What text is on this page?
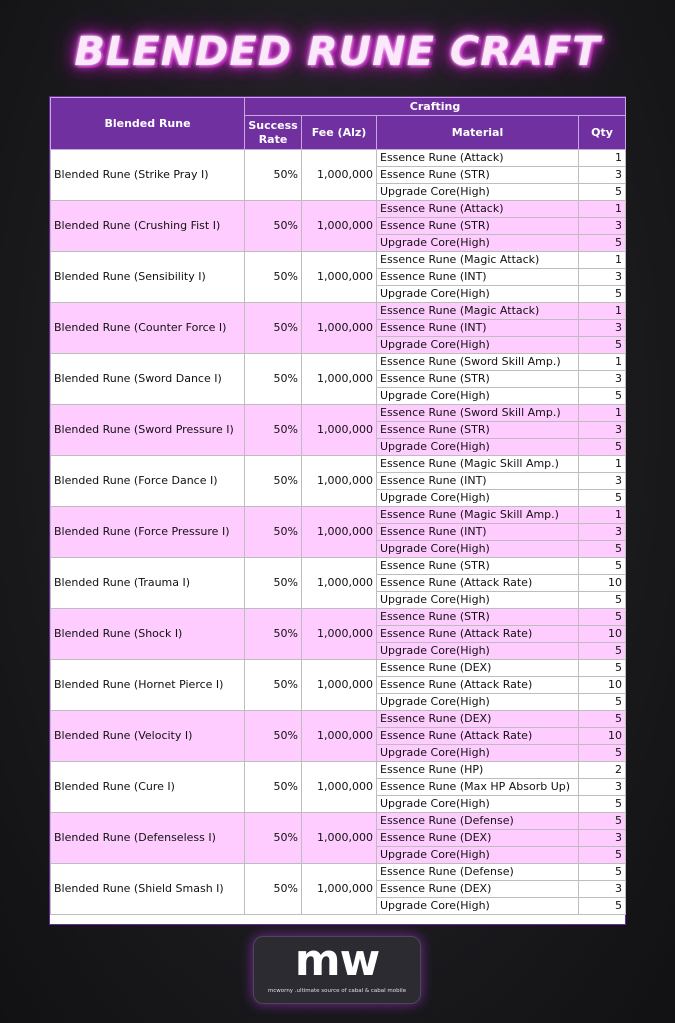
BLENDED RUNE CRAFT
Blended Rune	Crafting			
	Success Rate	Fee (Alz)	Material	Qty
Blended Rune (Strike Pray I)	50%	1,000,000	Essence Rune (Attack)	1
			Essence Rune (STR)	3
			Upgrade Core(High)	5
Blended Rune (Crushing Fist I)	50%	1,000,000	Essence Rune (Attack)	1
			Essence Rune (STR)	3
			Upgrade Core(High)	5
Blended Rune (Sensibility I)	50%	1,000,000	Essence Rune (Magic Attack)	1
			Essence Rune (INT)	3
			Upgrade Core(High)	5
Blended Rune (Counter Force I)	50%	1,000,000	Essence Rune (Magic Attack)	1
			Essence Rune (INT)	3
			Upgrade Core(High)	5
Blended Rune (Sword Dance I)	50%	1,000,000	Essence Rune (Sword Skill Amp.)	1
			Essence Rune (STR)	3
			Upgrade Core(High)	5
Blended Rune (Sword Pressure I)	50%	1,000,000	Essence Rune (Sword Skill Amp.)	1
			Essence Rune (STR)	3
			Upgrade Core(High)	5
Blended Rune (Force Dance I)	50%	1,000,000	Essence Rune (Magic Skill Amp.)	1
			Essence Rune (INT)	3
			Upgrade Core(High)	5
Blended Rune (Force Pressure I)	50%	1,000,000	Essence Rune (Magic Skill Amp.)	1
			Essence Rune (INT)	3
			Upgrade Core(High)	5
Blended Rune (Trauma I)	50%	1,000,000	Essence Rune (STR)	5
			Essence Rune (Attack Rate)	10
			Upgrade Core(High)	5
Blended Rune (Shock I)	50%	1,000,000	Essence Rune (STR)	5
			Essence Rune (Attack Rate)	10
			Upgrade Core(High)	5
Blended Rune (Hornet Pierce I)	50%	1,000,000	Essence Rune (DEX)	5
			Essence Rune (Attack Rate)	10
			Upgrade Core(High)	5
Blended Rune (Velocity I)	50%	1,000,000	Essence Rune (DEX)	5
			Essence Rune (Attack Rate)	10
			Upgrade Core(High)	5
Blended Rune (Cure I)	50%	1,000,000	Essence Rune (HP)	2
			Essence Rune (Max HP Absorb Up)	3
			Upgrade Core(High)	5
Blended Rune (Defenseless I)	50%	1,000,000	Essence Rune (Defense)	5
			Essence Rune (DEX)	3
			Upgrade Core(High)	5
Blended Rune (Shield Smash I)	50%	1,000,000	Essence Rune (Defense)	5
			Essence Rune (DEX)	3
			Upgrade Core(High)	5
mw
mcworny .ultimate source of cabal & cabal mobile
